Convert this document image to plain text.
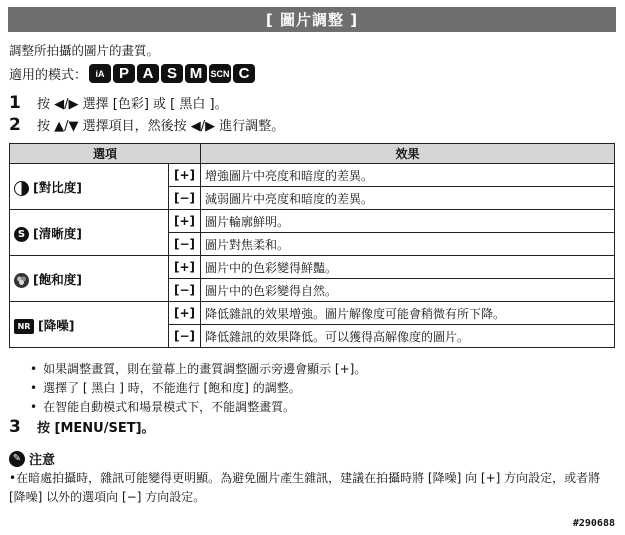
[ 圖片調整 ]
調整所拍攝的圖片的畫質。
適用的模式： iA P A S M SCN C
1	按 ◀/▶ 選擇 [色彩] 或 [ 黑白 ]。
2	按 ▲/▼ 選擇項目，然後按 ◀/▶ 進行調整。
選項		效果
[對比度]	[+]	增強圖片中亮度和暗度的差異。
	[−]	減弱圖片中亮度和暗度的差異。
S [清晰度]	[+]	圖片輪廓鮮明。
	[−]	圖片對焦柔和。

[飽和度]	[+]	圖片中的色彩變得鮮豔。
	[−]	圖片中的色彩變得自然。
NR [降噪]	[+]	降低雜訊的效果增強。圖片解像度可能會稍微有所下降。
	[−]	降低雜訊的效果降低。可以獲得高解像度的圖片。
• 如果調整畫質，則在螢幕上的畫質調整圖示旁邊會顯示 [+]。
• 選擇了 [ 黑白 ] 時，不能進行 [飽和度] 的調整。
• 在智能自動模式和場景模式下，不能調整畫質。
3	按 [MENU/SET]。
✎ 注意
•在暗處拍攝時，雜訊可能變得更明顯。為避免圖片產生雜訊，建議在拍攝時將 [降噪] 向 [+] 方向設定，或者將 [降噪] 以外的選項向 [−] 方向設定。
#290688
